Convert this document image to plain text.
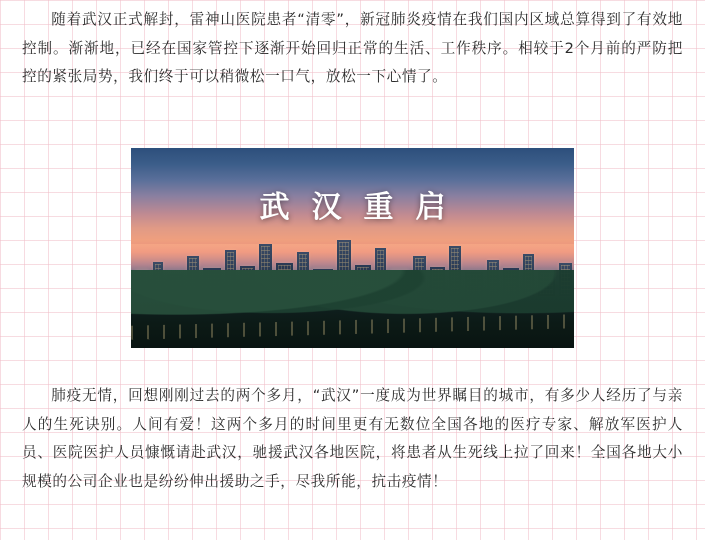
随着武汉正式解封，雷神山医院患者“清零”，新冠肺炎疫情在我们国内区域总算得到了有效地控制。渐渐地，已经在国家管控下逐渐开始回归正常的生活、工作秩序。相较于2个月前的严防把控的紧张局势，我们终于可以稍微松一口气，放松一下心情了。

武汉重启

肺疫无情，回想刚刚过去的两个多月，“武汉”一度成为世界瞩目的城市，有多少人经历了与亲人的生死诀别。人间有爱！这两个多月的时间里更有无数位全国各地的医疗专家、解放军医护人员、医院医护人员慷慨请赴武汉，驰援武汉各地医院，将患者从生死线上拉了回来！全国各地大小规模的公司企业也是纷纷伸出援助之手，尽我所能，抗击疫情！
